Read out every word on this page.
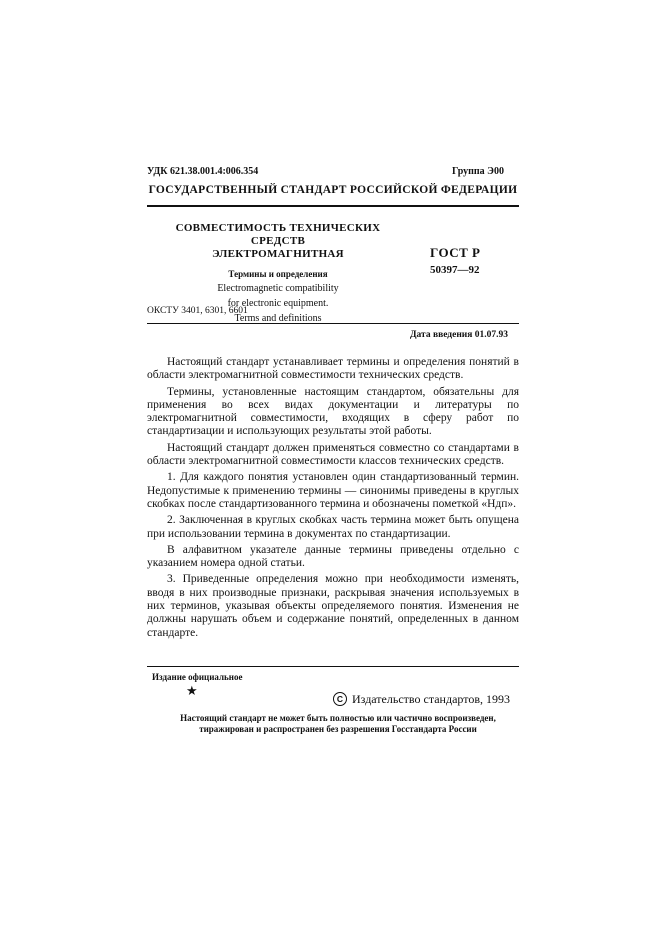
УДК 621.38.001.4:006.354	Группа Э00
ГОСУДАРСТВЕННЫЙ СТАНДАРТ РОССИЙСКОЙ ФЕДЕРАЦИИ
СОВМЕСТИМОСТЬ ТЕХНИЧЕСКИХ СРЕДСТВ
ЭЛЕКТРОМАГНИТНАЯ
Термины и определения
Electromagnetic compatibility
for electronic equipment.
Terms and definitions
ГОСТ Р
50397—92
ОКСТУ 3401, 6301, 6601
Дата введения 01.07.93

Настоящий стандарт устанавливает термины и определения понятий в области электромагнитной совместимости технических средств.

Термины, установленные настоящим стандартом, обязательны для применения во всех видах документации и литературы по электромагнитной совместимости, входящих в сферу работ по стандартизации и использующих результаты этой работы.

Настоящий стандарт должен применяться совместно со стандартами в области электромагнитной совместимости классов технических средств.

1. Для каждого понятия установлен один стандартизованный термин. Недопустимые к применению термины — синонимы приведены в круглых скобках после стандартизованного термина и обозначены пометкой «Ндп».

2. Заключенная в круглых скобках часть термина может быть опущена при использовании термина в документах по стандартизации.

В алфавитном указателе данные термины приведены отдельно с указанием номера одной статьи.

3. Приведенные определения можно при необходимости изменять, вводя в них производные признаки, раскрывая значения используемых в них терминов, указывая объекты определяемого понятия. Изменения не должны нарушать объем и содержание понятий, определенных в данном стандарте.

Издание официальное
★
C Издательство стандартов, 1993
Настоящий стандарт не может быть полностью или частично воспроизведен,
тиражирован и распространен без разрешения Госстандарта России
